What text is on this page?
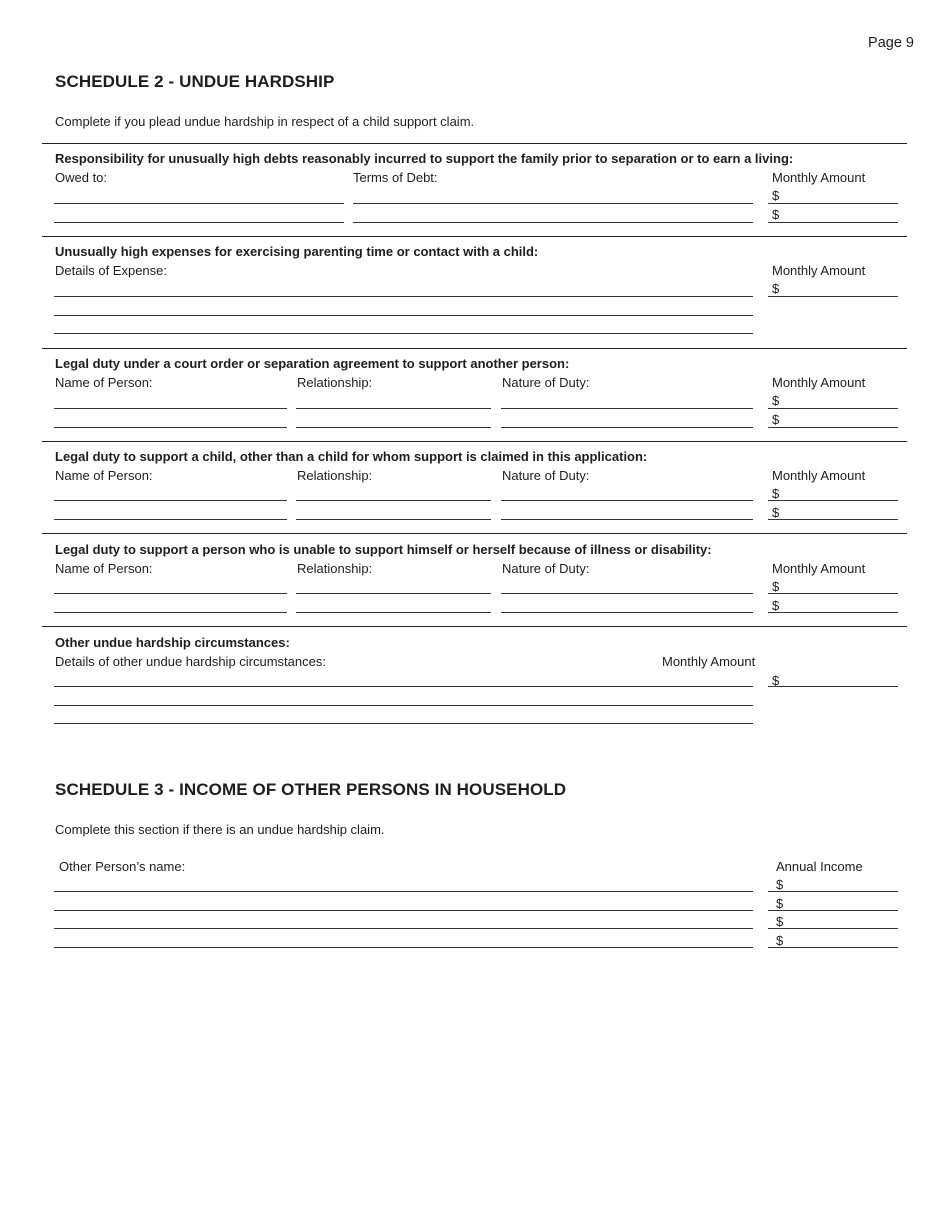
Page 9
SCHEDULE 2 - UNDUE HARDSHIP
Complete if you plead undue hardship in respect of a child support claim.
Responsibility for unusually high debts reasonably incurred to support the family prior to separation or to earn a living:
Owed to:	Terms of Debt:	Monthly Amount
$
$
Unusually high expenses for exercising parenting time or contact with a child:
Details of Expense:	Monthly Amount
$
Legal duty under a court order or separation agreement to support another person:
Name of Person:	Relationship:	Nature of Duty:	Monthly Amount
$
$
Legal duty to support a child, other than a child for whom support is claimed in this application:
Name of Person:	Relationship:	Nature of Duty:	Monthly Amount
$
$
Legal duty to support a person who is unable to support himself or herself because of illness or disability:
Name of Person:	Relationship:	Nature of Duty:	Monthly Amount
$
$
Other undue hardship circumstances:
Details of other undue hardship circumstances:	Monthly Amount
$
SCHEDULE 3 - INCOME OF OTHER PERSONS IN HOUSEHOLD
Complete this section if there is an undue hardship claim.
Other Person’s name:	Annual Income
$
$
$
$
